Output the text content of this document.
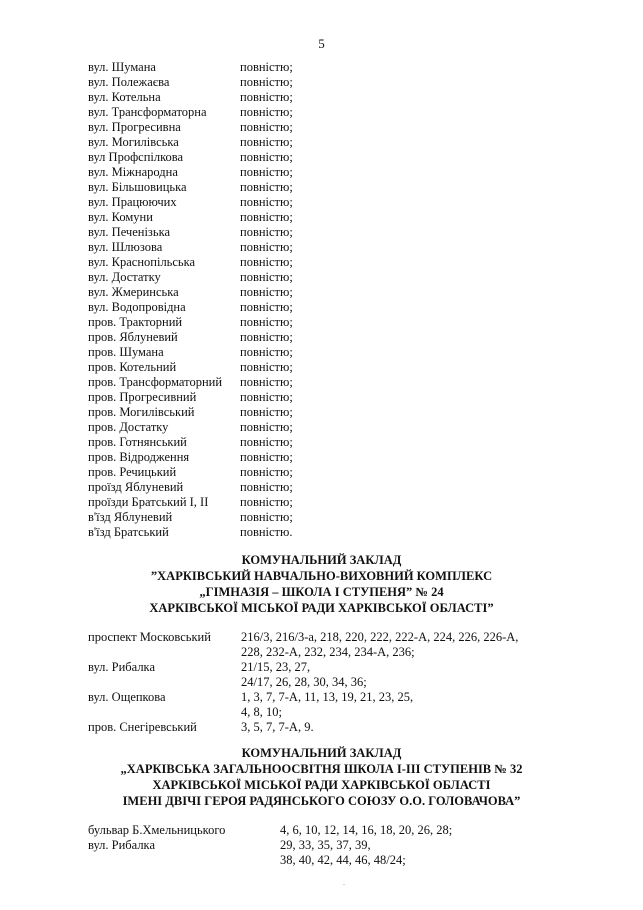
5
вул. Шумана	повністю;
вул. Полежаєва	повністю;
вул. Котельна	повністю;
вул. Трансформаторна	повністю;
вул. Прогресивна	повністю;
вул. Могилівська	повністю;
вул Профспілкова	повністю;
вул. Міжнародна	повністю;
вул. Більшовицька	повністю;
вул. Працюючих	повністю;
вул. Комуни	повністю;
вул. Печенізька	повністю;
вул. Шлюзова	повністю;
вул. Краснопільська	повністю;
вул. Достатку	повністю;
вул. Жмеринська	повністю;
вул. Водопровідна	повністю;
пров. Тракторний	повністю;
пров. Яблуневий	повністю;
пров. Шумана	повністю;
пров. Котельний	повністю;
пров. Трансформаторний повністю;
пров. Прогресивний	повністю;
пров. Могилівський	повністю;
пров. Достатку	повністю;
пров. Готнянський	повністю;
пров. Відродження	повністю;
пров. Речицький	повністю;
проїзд Яблуневий	повністю;
проїзди Братський І, ІІ	повністю;
в'їзд Яблуневий	повністю;
в'їзд Братський	повністю.
КОМУНАЛЬНИЙ ЗАКЛАД
”ХАРКІВСЬКИЙ НАВЧАЛЬНО-ВИХОВНИЙ КОМПЛЕКС
„ГІМНАЗІЯ – ШКОЛА І СТУПЕНЯ” № 24
ХАРКІВСЬКОЇ МІСЬКОЇ РАДИ ХАРКІВСЬКОЇ ОБЛАСТІ”
проспект Московський	216/3, 216/3-а, 218, 220, 222, 222-А, 224, 226, 226-А,
228, 232-А, 232, 234, 234-А, 236;
вул. Рибалка	21/15, 23, 27,
24/17, 26, 28, 30, 34, 36;
вул. Ощепкова	1, 3, 7, 7-А, 11, 13, 19, 21, 23, 25,
4, 8, 10;
пров. Снегіревський	3, 5, 7, 7-А, 9.
КОМУНАЛЬНИЙ ЗАКЛАД
„ХАРКІВСЬКА ЗАГАЛЬНООСВІТНЯ ШКОЛА І-ІІІ СТУПЕНІВ № 32
ХАРКІВСЬКОЇ МІСЬКОЇ РАДИ ХАРКІВСЬКОЇ ОБЛАСТІ
ІМЕНІ ДВІЧІ ГЕРОЯ РАДЯНСЬКОГО СОЮЗУ О.О. ГОЛОВАЧОВА”
бульвар Б.Хмельницького	4, 6, 10, 12, 14, 16, 18, 20, 26, 28;
вул. Рибалка	29, 33, 35, 37, 39,
38, 40, 42, 44, 46, 48/24;
.
